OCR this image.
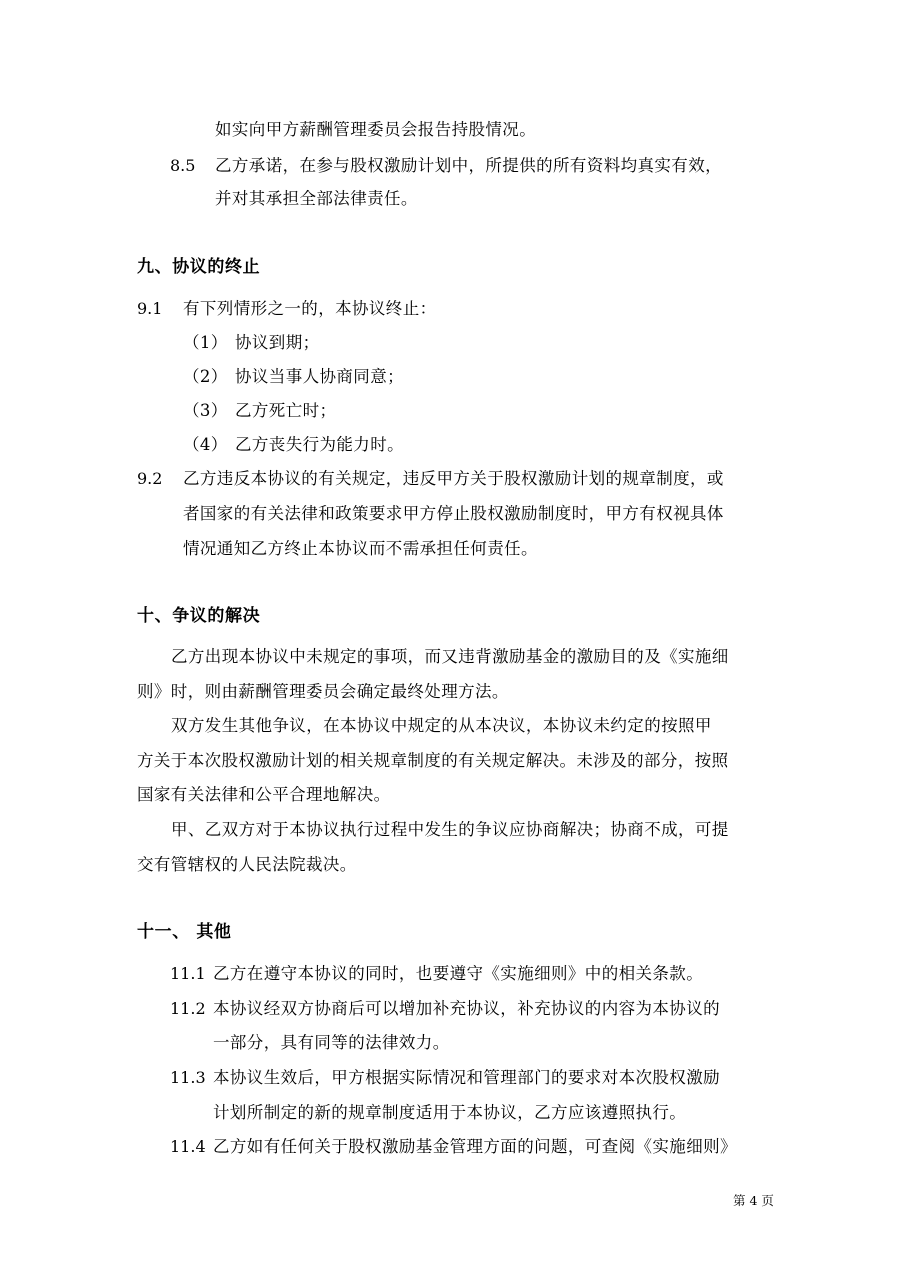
如实向甲方薪酬管理委员会报告持股情况。
8.5 乙方承诺，在参与股权激励计划中，所提供的所有资料均真实有效，
并对其承担全部法律责任。
九、协议的终止
9.1 有下列情形之一的，本协议终止：
（1） 协议到期；
（2） 协议当事人协商同意；
（3） 乙方死亡时；
（4） 乙方丧失行为能力时。
9.2 乙方违反本协议的有关规定，违反甲方关于股权激励计划的规章制度，或
者国家的有关法律和政策要求甲方停止股权激励制度时，甲方有权视具体
情况通知乙方终止本协议而不需承担任何责任。
十、争议的解决
乙方出现本协议中未规定的事项，而又违背激励基金的激励目的及《实施细
则》时，则由薪酬管理委员会确定最终处理方法。
双方发生其他争议，在本协议中规定的从本决议，本协议未约定的按照甲
方关于本次股权激励计划的相关规章制度的有关规定解决。未涉及的部分，按照
国家有关法律和公平合理地解决。
甲、乙双方对于本协议执行过程中发生的争议应协商解决；协商不成，可提
交有管辖权的人民法院裁决。
十一、 其他
11.1 乙方在遵守本协议的同时，也要遵守《实施细则》中的相关条款。
11.2 本协议经双方协商后可以增加补充协议，补充协议的内容为本协议的
一部分，具有同等的法律效力。
11.3 本协议生效后，甲方根据实际情况和管理部门的要求对本次股权激励
计划所制定的新的规章制度适用于本协议，乙方应该遵照执行。
11.4 乙方如有任何关于股权激励基金管理方面的问题，可查阅《实施细则》
第 4 页
